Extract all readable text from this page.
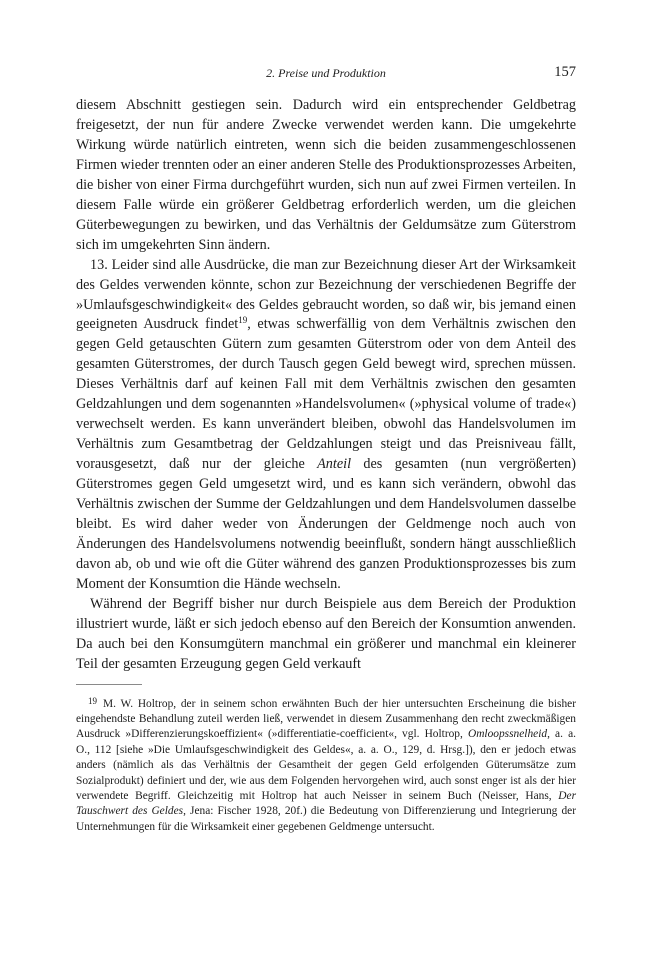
2. Preise und Produktion	157

diesem Abschnitt gestiegen sein. Dadurch wird ein entsprechender Geldbetrag freigesetzt, der nun für andere Zwecke verwendet werden kann. Die umgekehrte Wirkung würde natürlich eintreten, wenn sich die beiden zusammengeschlossenen Firmen wieder trennten oder an einer anderen Stelle des Produktionsprozesses Arbeiten, die bisher von einer Firma durchgeführt wurden, sich nun auf zwei Firmen verteilen. In diesem Falle würde ein größerer Geldbetrag erforderlich werden, um die gleichen Güterbewegungen zu bewirken, und das Verhältnis der Geldumsätze zum Güterstrom sich im umgekehrten Sinn ändern.

13. Leider sind alle Ausdrücke, die man zur Bezeichnung dieser Art der Wirksamkeit des Geldes verwenden könnte, schon zur Bezeichnung der verschiedenen Begriffe der »Umlaufsgeschwindigkeit« des Geldes gebraucht worden, so daß wir, bis jemand einen geeigneten Ausdruck findet$^{19}$, etwas schwerfällig von dem Verhältnis zwischen den gegen Geld getauschten Gütern zum gesamten Güterstrom oder von dem Anteil des gesamten Güterstromes, der durch Tausch gegen Geld bewegt wird, sprechen müssen. Dieses Verhältnis darf auf keinen Fall mit dem Verhältnis zwischen den gesamten Geldzahlungen und dem sogenannten »Handelsvolumen« (»physical volume of trade«) verwechselt werden. Es kann unverändert bleiben, obwohl das Handelsvolumen im Verhältnis zum Gesamtbetrag der Geldzahlungen steigt und das Preisniveau fällt, vorausgesetzt, daß nur der gleiche Anteil des gesamten (nun vergrößerten) Güterstromes gegen Geld umgesetzt wird, und es kann sich verändern, obwohl das Verhältnis zwischen der Summe der Geldzahlungen und dem Handelsvolumen dasselbe bleibt. Es wird daher weder von Änderungen der Geldmenge noch auch von Änderungen des Handelsvolumens notwendig beeinflußt, sondern hängt ausschließlich davon ab, ob und wie oft die Güter während des ganzen Produktionsprozesses bis zum Moment der Konsumtion die Hände wechseln.

Während der Begriff bisher nur durch Beispiele aus dem Bereich der Produktion illustriert wurde, läßt er sich jedoch ebenso auf den Bereich der Konsumtion anwenden. Da auch bei den Konsumgütern manchmal ein größerer und manchmal ein kleinerer Teil der gesamten Erzeugung gegen Geld verkauft

19 M. W. Holtrop, der in seinem schon erwähnten Buch der hier untersuchten Erscheinung die bisher eingehendste Behandlung zuteil werden ließ, verwendet in diesem Zusammenhang den recht zweckmäßigen Ausdruck »Differenzierungskoeffizient« (»differentiatie-coefficient«, vgl. Holtrop, Omloopssnelheid, a. a. O., 112 [siehe »Die Umlaufsgeschwindigkeit des Geldes«, a. a. O., 129, d. Hrsg.]), den er jedoch etwas anders (nämlich als das Verhältnis der Gesamtheit der gegen Geld erfolgenden Güterumsätze zum Sozialprodukt) definiert und der, wie aus dem Folgenden hervorgehen wird, auch sonst enger ist als der hier verwendete Begriff. Gleichzeitig mit Holtrop hat auch Neisser in seinem Buch (Neisser, Hans, Der Tauschwert des Geldes, Jena: Fischer 1928, 20f.) die Bedeutung von Differenzierung und Integrierung der Unternehmungen für die Wirksamkeit einer gegebenen Geldmenge untersucht.
